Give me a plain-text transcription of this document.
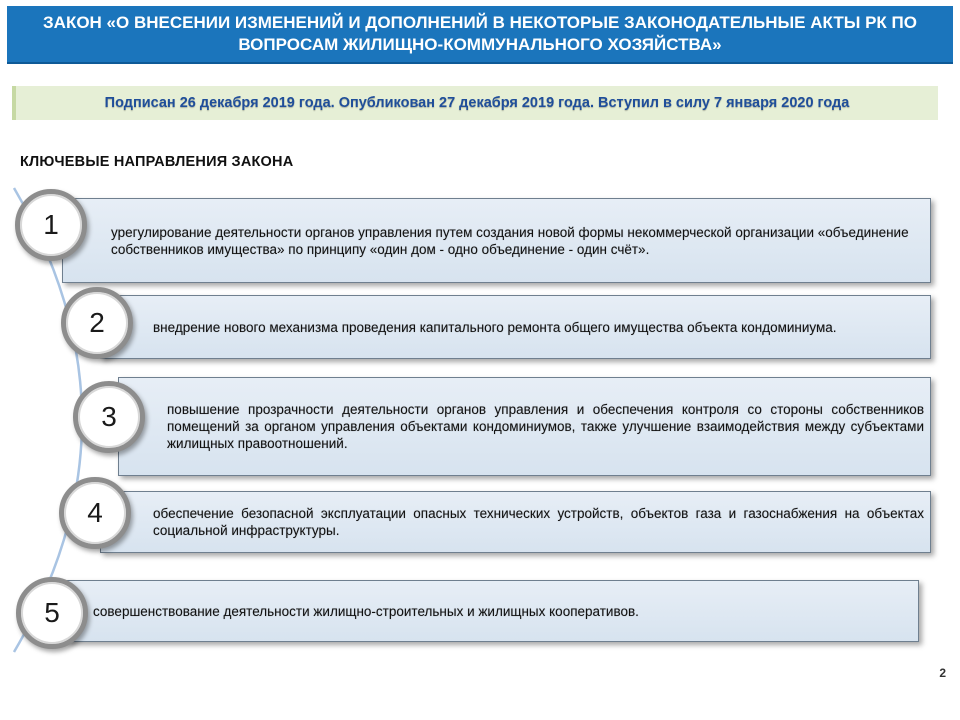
ЗАКОН «О ВНЕСЕНИИ ИЗМЕНЕНИЙ И ДОПОЛНЕНИЙ В НЕКОТОРЫЕ ЗАКОНОДАТЕЛЬНЫЕ АКТЫ РК ПО ВОПРОСАМ ЖИЛИЩНО-КОММУНАЛЬНОГО ХОЗЯЙСТВА»
Подписан 26 декабря 2019 года. Опубликован 27 декабря 2019 года. Вступил в силу 7 января 2020 года
КЛЮЧЕВЫЕ НАПРАВЛЕНИЯ ЗАКОНА
урегулирование деятельности органов управления путем создания новой формы некоммерческой организации «объединение собственников имущества» по принципу «один дом - одно объединение - один счёт».
1
внедрение нового механизма проведения капитального ремонта общего имущества объекта кондоминиума.
2
повышение прозрачности деятельности органов управления и обеспечения контроля со стороны собственников помещений за органом управления объектами кондоминиумов, также улучшение взаимодействия между субъектами жилищных правоотношений.
3
обеспечение безопасной эксплуатации опасных технических устройств, объектов газа и газоснабжения на объектах социальной инфраструктуры.
4
совершенствование деятельности жилищно-строительных и жилищных кооперативов.
5
2
